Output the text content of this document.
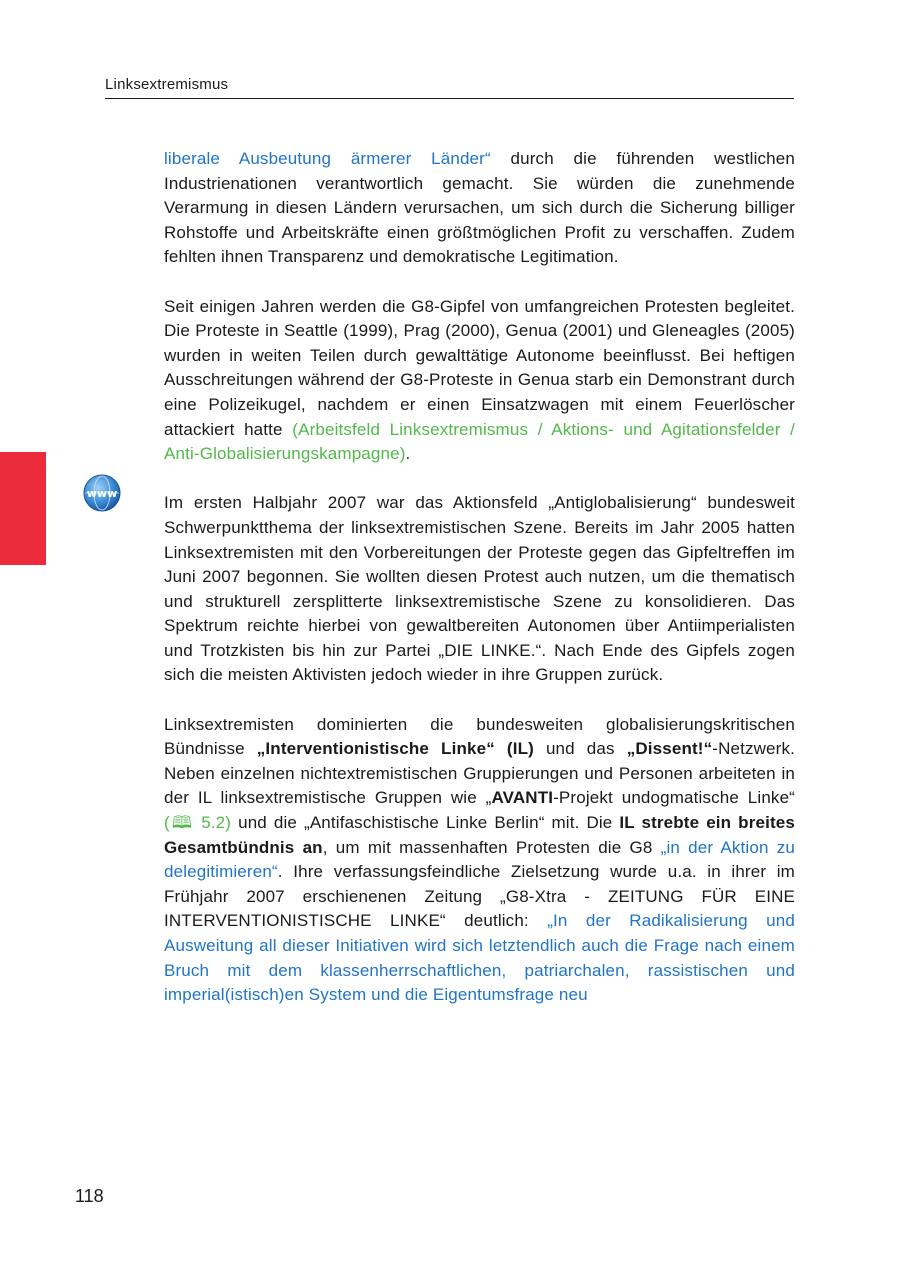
Linksextremismus
www

liberale Ausbeutung ärmerer Länder“ durch die führenden westlichen Industrienationen verantwortlich gemacht. Sie würden die zunehmende Verarmung in diesen Ländern verursachen, um sich durch die Sicherung billiger Rohstoffe und Arbeitskräfte einen größtmöglichen Profit zu verschaffen. Zudem fehlten ihnen Transparenz und demokratische Legitimation.

Seit einigen Jahren werden die G8-Gipfel von umfangreichen Protesten begleitet. Die Proteste in Seattle (1999), Prag (2000), Genua (2001) und Gleneagles (2005) wurden in weiten Teilen durch gewalttätige Autonome beeinflusst. Bei heftigen Ausschreitungen während der G8-Proteste in Genua starb ein Demonstrant durch eine Polizeikugel, nachdem er einen Einsatzwagen mit einem Feuerlöscher attackiert hatte (Arbeitsfeld Linksextremismus / Aktions- und Agitationsfelder / Anti-Globalisierungskampagne).

Im ersten Halbjahr 2007 war das Aktionsfeld „Antiglobalisierung“ bundesweit Schwerpunktthema der linksextremistischen Szene. Bereits im Jahr 2005 hatten Linksextremisten mit den Vorbereitungen der Proteste gegen das Gipfeltreffen im Juni 2007 begonnen. Sie wollten diesen Protest auch nutzen, um die thematisch und strukturell zersplitterte linksextremistische Szene zu konsolidieren. Das Spektrum reichte hierbei von gewaltbereiten Autonomen über Antiimperialisten und Trotzkisten bis hin zur Partei „DIE LINKE.“. Nach Ende des Gipfels zogen sich die meisten Aktivisten jedoch wieder in ihre Gruppen zurück.

Linksextremisten dominierten die bundesweiten globalisierungskritischen Bündnisse „Interventionistische Linke“ (IL) und das „Dissent!“-Netzwerk. Neben einzelnen nichtextremistischen Gruppierungen und Personen arbeiteten in der IL linksextremistische Gruppen wie „AVANTI-Projekt undogmatische Linke“ (🕮 5.2) und die „Antifaschistische Linke Berlin“ mit. Die IL strebte ein breites Gesamtbündnis an, um mit massenhaften Protesten die G8 „in der Aktion zu delegitimieren“. Ihre verfassungsfeindliche Zielsetzung wurde u.a. in ihrer im Frühjahr 2007 erschienenen Zeitung „G8-Xtra - ZEITUNG FÜR EINE INTERVENTIONISTISCHE LINKE“ deutlich: „In der Radikalisierung und Ausweitung all dieser Initiativen wird sich letztendlich auch die Frage nach einem Bruch mit dem klassenherrschaftlichen, patriarchalen, rassistischen und imperial(istisch)en System und die Eigentumsfrage neu

118
